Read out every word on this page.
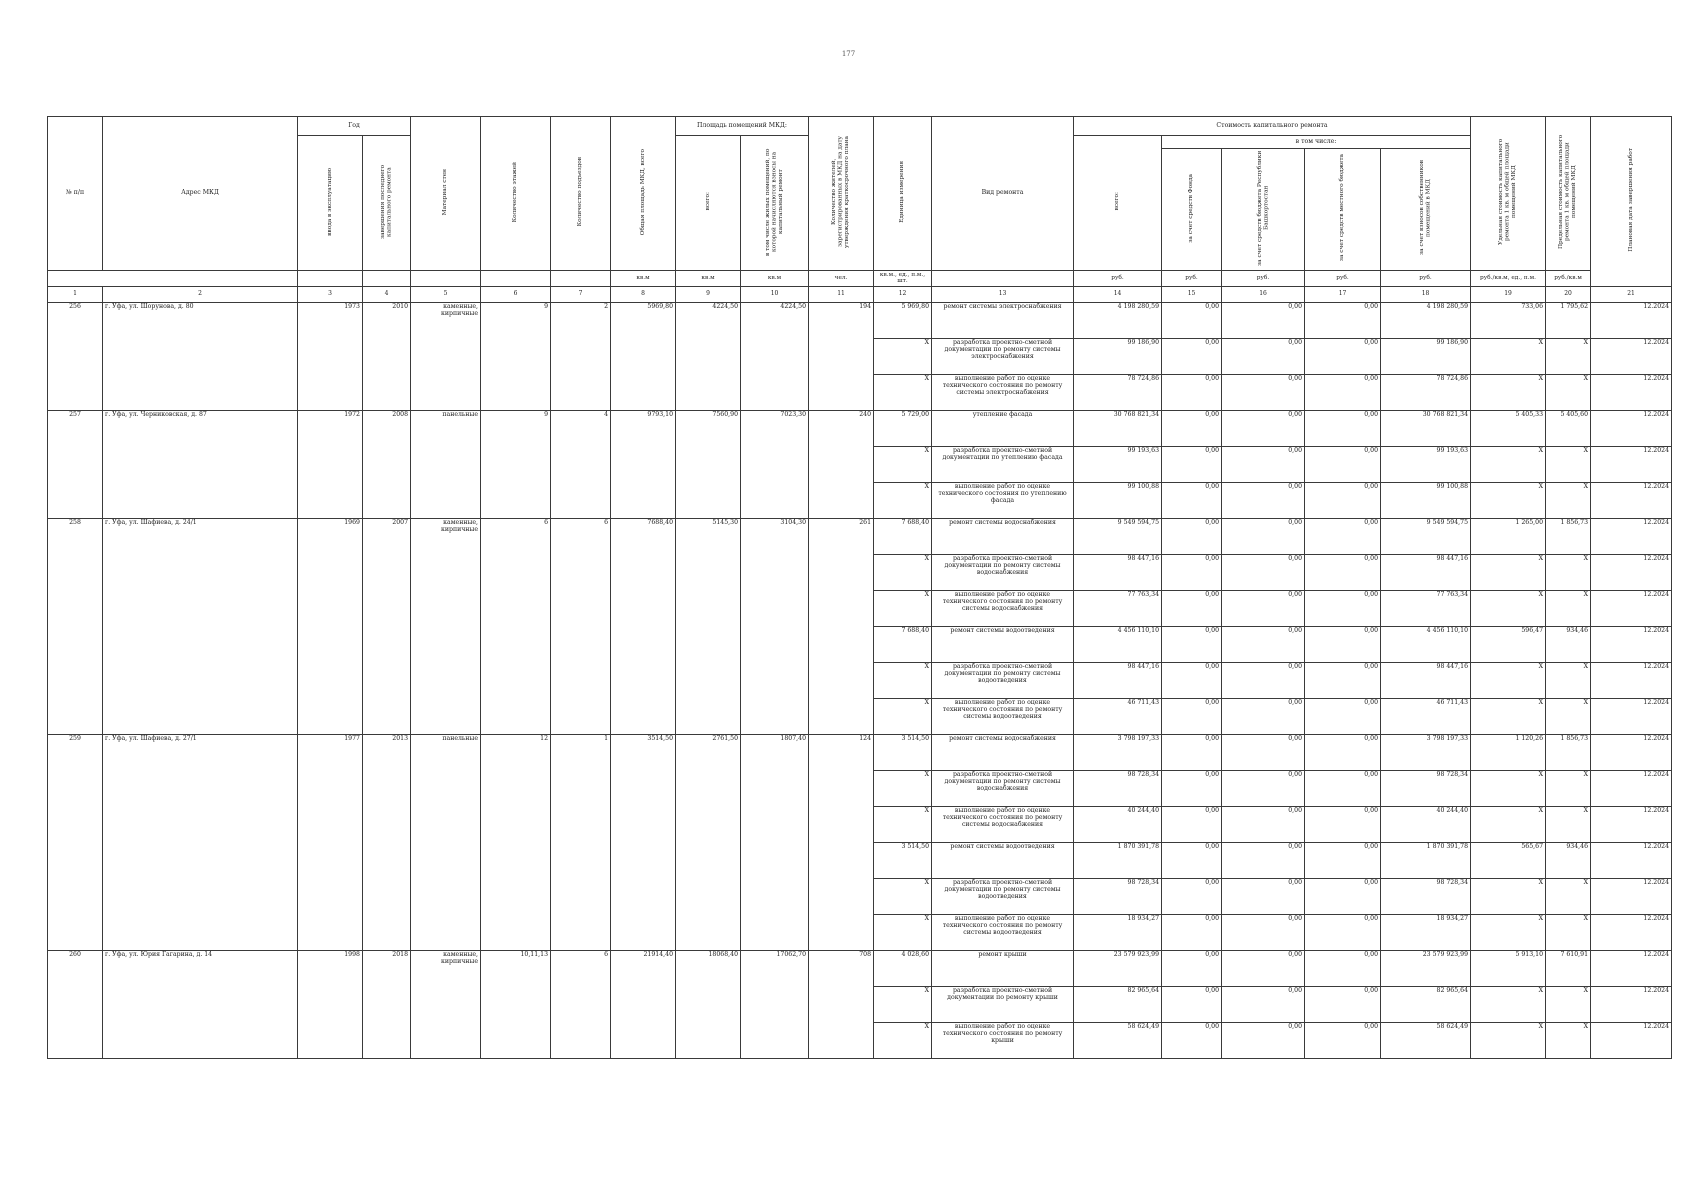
177
№ п/п	Адрес МКД	Год		Материал стен	Количество этажей	Количество подъездов	Общая площадь МКД, всего	Площадь помещений МКД:		Количество жителей, зарегистрированных в МКД на дату утверждения краткосрочного плана	Единица измерения	Вид ремонта	Стоимость капитального ремонта					Удельная стоимость капитального ремонта 1 кв. м общей площади помещений МКД	Предельная стоимость капитального ремонта 1 кв. м общей площади помещений МКД	Плановая дата завершения работ
		ввода в эксплуатацию	завершения последнего капитального ремонта					всего:	в том числе жилых помещений, по которой начисляются взносы на капитальный ремонт				всего:	в том числе:						
														за счет средств Фонда	за счет средств бюджета Республики Башкортостан	за счет средств местного бюджета	за счет взносов собственников помещений в МКД			
							кв.м	кв.м	кв.м	чел.	кв.м., ед., п.м., шт.		руб.	руб.	руб.	руб.	руб.	руб./кв.м, ед., п.м.	руб./кв.м	
1	2	3	4	5	6	7	8	9	10	11	12	13	14	15	16	17	18	19	20	21
256	г. Уфа, ул. Шорунова, д. 80	1973	2010	каменные, кирпичные	9	2	5969,80	4224,50	4224,50	194	5 969,80	ремонт системы электроснабжения	4 198 280,59	0,00	0,00	0,00	4 198 280,59	733,06	1 795,62	12.2024
											X	разработка проектно-сметной документации по ремонту системы электроснабжения	99 186,90	0,00	0,00	0,00	99 186,90	X	X	12.2024
											X	выполнение работ по оценке технического состояния по ремонту системы электроснабжения	78 724,86	0,00	0,00	0,00	78 724,86	X	X	12.2024
257	г. Уфа, ул. Черниковская, д. 87	1972	2008	панельные	9	4	9793,10	7560,90	7023,30	240	5 729,00	утепление фасада	30 768 821,34	0,00	0,00	0,00	30 768 821,34	5 405,33	5 405,60	12.2024
											X	разработка проектно-сметной документации по утеплению фасада	99 193,63	0,00	0,00	0,00	99 193,63	X	X	12.2024
											X	выполнение работ по оценке технического состояния по утеплению фасада	99 100,88	0,00	0,00	0,00	99 100,88	X	X	12.2024
258	г. Уфа, ул. Шафиева, д. 24/1	1969	2007	каменные, кирпичные	6	6	7688,40	5145,30	3104,30	261	7 688,40	ремонт системы водоснабжения	9 549 594,75	0,00	0,00	0,00	9 549 594,75	1 265,00	1 856,73	12.2024
											X	разработка проектно-сметной документации по ремонту системы водоснабжения	98 447,16	0,00	0,00	0,00	98 447,16	X	X	12.2024
											X	выполнение работ по оценке технического состояния по ремонту системы водоснабжения	77 763,34	0,00	0,00	0,00	77 763,34	X	X	12.2024
											7 688,40	ремонт системы водоотведения	4 456 110,10	0,00	0,00	0,00	4 456 110,10	596,47	934,46	12.2024
											X	разработка проектно-сметной документации по ремонту системы водоотведения	98 447,16	0,00	0,00	0,00	98 447,16	X	X	12.2024
											X	выполнение работ по оценке технического состояния по ремонту системы водоотведения	46 711,43	0,00	0,00	0,00	46 711,43	X	X	12.2024
259	г. Уфа, ул. Шафиева, д. 27/1	1977	2013	панельные	12	1	3514,50	2761,50	1807,40	124	3 514,50	ремонт системы водоснабжения	3 798 197,33	0,00	0,00	0,00	3 798 197,33	1 120,26	1 856,73	12.2024
											X	разработка проектно-сметной документации по ремонту системы водоснабжения	98 728,34	0,00	0,00	0,00	98 728,34	X	X	12.2024
											X	выполнение работ по оценке технического состояния по ремонту системы водоснабжения	40 244,40	0,00	0,00	0,00	40 244,40	X	X	12.2024
											3 514,50	ремонт системы водоотведения	1 870 391,78	0,00	0,00	0,00	1 870 391,78	565,67	934,46	12.2024
											X	разработка проектно-сметной документации по ремонту системы водоотведения	98 728,34	0,00	0,00	0,00	98 728,34	X	X	12.2024
											X	выполнение работ по оценке технического состояния по ремонту системы водоотведения	18 934,27	0,00	0,00	0,00	18 934,27	X	X	12.2024
260	г. Уфа, ул. Юрия Гагарина, д. 14	1998	2018	каменные, кирпичные	10,11,13	6	21914,40	18068,40	17062,70	708	4 028,60	ремонт крыши	23 579 923,99	0,00	0,00	0,00	23 579 923,99	5 913,10	7 610,91	12.2024
											X	разработка проектно-сметной документации по ремонту крыши	82 965,64	0,00	0,00	0,00	82 965,64	X	X	12.2024
											X	выполнение работ по оценке технического состояния по ремонту крыши	58 624,49	0,00	0,00	0,00	58 624,49	X	X	12.2024
